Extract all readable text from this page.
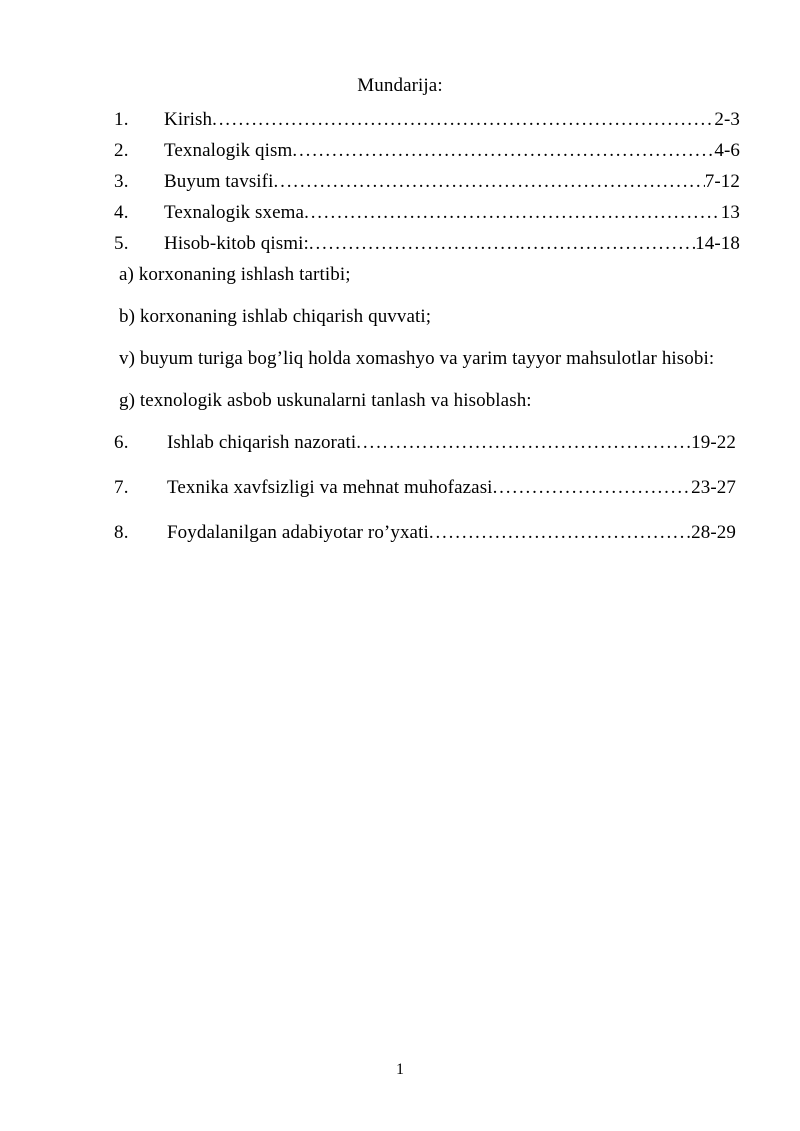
Mundarija:
1.	Kirish .....	2-3
2.	Texnalogik qism .....	4-6
3.	Buyum tavsifi .....	7-12
4.	Texnalogik sxema .....	13
5.	Hisob-kitob qismi: .....	14-18
a) korxonaning ishlash tartibi;
b) korxonaning ishlab chiqarish quvvati;
v) buyum turiga bog’liq holda xomashyo va yarim tayyor mahsulotlar hisobi:
g) texnologik asbob uskunalarni tanlash va hisoblash:
6.	Ishlab chiqarish nazorati .....	19-22
7.	Texnika xavfsizligi va mehnat muhofazasi .....	23-27
8.	Foydalanilgan adabiyotar ro’yxati .....	28-29
1
